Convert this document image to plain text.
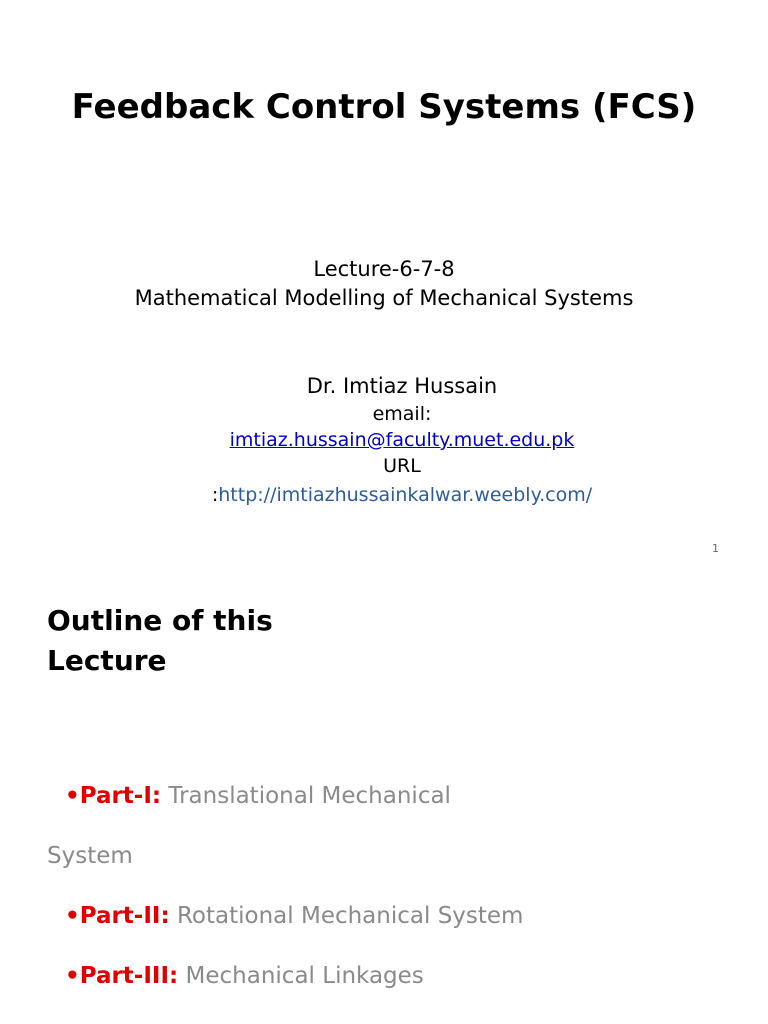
Feedback Control Systems (FCS)
Lecture-6-7-8
Mathematical Modelling of Mechanical Systems
Dr. Imtiaz Hussain
email:
imtiaz.hussain@faculty.muet.edu.pk
URL
:http://imtiazhussainkalwar.weebly.com/
1
Outline of this Lecture

•Part-I: Translational Mechanical

System

•Part-II: Rotational Mechanical System

•Part-III: Mechanical Linkages
